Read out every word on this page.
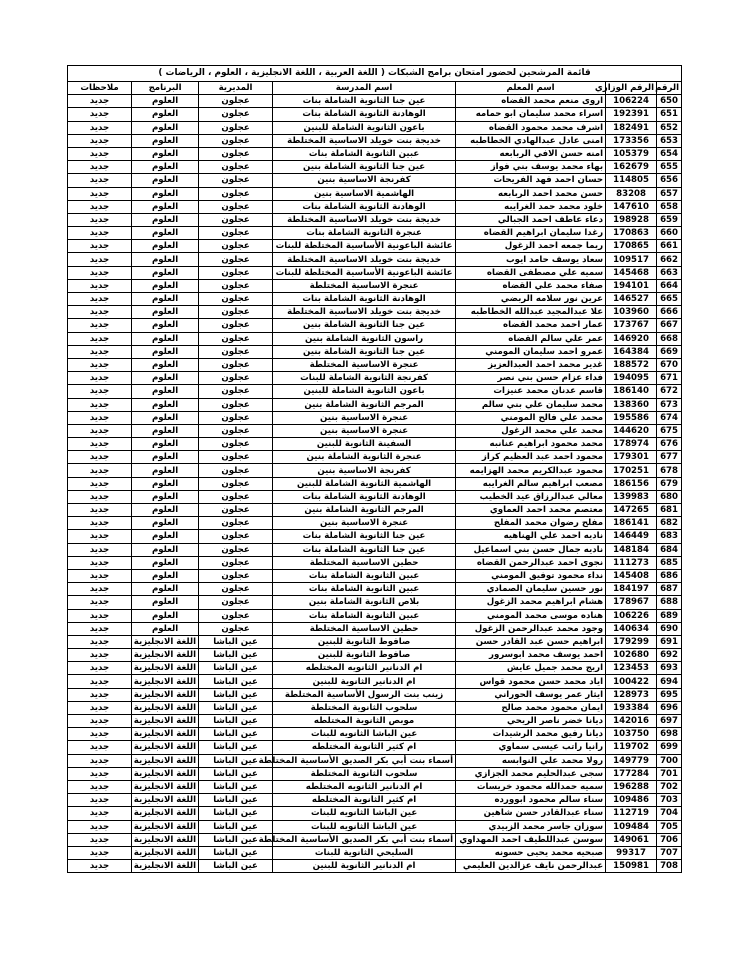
قائمة المرشحين لحضور امتحان برامج الشبكات ( اللغة العربية ، اللغة الانجليزية ، العلوم ، الرياضات )						
الرقم	الرقم الوزاري	اسم المعلم	اسم المدرسة	المديرية	البرنامج	ملاحظات
650	106224	اروى منعم محمد القضاه	عين جنا الثانوية الشاملة بنات	عجلون	العلوم	جديد
651	192391	اسراء محمد سليمان ابو حمامه	الوهادنة الثانوية الشاملة بنات	عجلون	العلوم	جديد
652	182491	اشرف محمد محمود القضاه	باعون الثانوية الشاملة للبنين	عجلون	العلوم	جديد
653	173356	امنى عادل عبدالهادي الخطاطبه	خديجة بنت خويلد الاساسية المختلطة	عجلون	العلوم	جديد
654	105379	امنه حسن الافي الربابعه	عبين الثانوية الشاملة بنات	عجلون	العلوم	جديد
655	162679	بهاء محمد يوسف بني فواز	عين جنا الثانوية الشاملة بنين	عجلون	العلوم	جديد
656	114805	حسان احمد فهد الفريحات	كفرنجة الاساسية بنين	عجلون	العلوم	جديد
657	83208	حسن محمد احمد الربابعه	الهاشمية الاساسية بنين	عجلون	العلوم	جديد
658	147610	خلود محمد حمد الغرايبه	الوهادنة الثانوية الشاملة بنات	عجلون	العلوم	جديد
659	198928	دعاء عاطف احمد الجبالي	خديجة بنت خويلد الاساسية المختلطة	عجلون	العلوم	جديد
660	170863	رغدا سليمان ابراهيم القضاه	عنجرة الثانوية الشاملة بنات	عجلون	العلوم	جديد
661	170865	ريما جمعه احمد الزغول	عائشة الباعونية الأساسية المختلطة للبنات	عجلون	العلوم	جديد
662	109517	سعاد يوسف حامد ايوب	خديجة بنت خويلد الاساسية المختلطة	عجلون	العلوم	جديد
663	145468	سميه علي مصطفى القضاه	عائشة الباعونية الأساسية المختلطة للبنات	عجلون	العلوم	جديد
664	194101	صفاء محمد علي القضاه	عنجرة الاساسية المختلطة	عجلون	العلوم	جديد
665	146527	عرين نور سلامه الربضي	الوهادنة الثانوية الشاملة بنات	عجلون	العلوم	جديد
666	103960	علا عبدالمجيد عبدالله الخطاطبه	خديجة بنت خويلد الاساسية المختلطة	عجلون	العلوم	جديد
667	173767	عمار احمد محمد القضاه	عين جنا الثانوية الشاملة بنين	عجلون	العلوم	جديد
668	146920	عمر علي سالم القضاه	راسون الثانوية الشاملة بنين	عجلون	العلوم	جديد
669	164384	عمرو احمد سليمان المومني	عين جنا الثانوية الشاملة بنين	عجلون	العلوم	جديد
670	188572	غدير محمد احمد العبدالعزيز	عنجرة الاساسية المختلطة	عجلون	العلوم	جديد
671	194095	فداء عزام حسن بني نصر	كفرنجة الثانوية الشاملة للبنات	عجلون	العلوم	جديد
672	186140	قاسم عدنان محمد عنيزات	باعون الثانوية الشاملة للبنين	عجلون	العلوم	جديد
673	138360	محمد سليمان علي بني سالم	المرجم الثانوية الشاملة بنين	عجلون	العلوم	جديد
674	195586	محمد علي فالح المومني	عنجرة الاساسية بنين	عجلون	العلوم	جديد
675	144620	محمد علي محمد الزغول	عنجرة الاساسية بنين	عجلون	العلوم	جديد
676	178974	محمد محمود ابراهيم عنانبه	السفينة الثانوية للبنين	عجلون	العلوم	جديد
677	179301	محمود احمد عبد العظيم كراز	عنجرة الثانوية الشاملة بنين	عجلون	العلوم	جديد
678	170251	محمود عبدالكريم محمد الهزايمه	كفرنجة الاساسية بنين	عجلون	العلوم	جديد
679	186156	مصعب ابراهيم سالم الغرايبه	الهاشمية الثانوية الشاملة للبنين	عجلون	العلوم	جديد
680	139983	معالي عبدالرزاق عيد الخطيب	الوهادنة الثانوية الشاملة بنات	عجلون	العلوم	جديد
681	147265	معتصم محمد احمد العماوي	المرجم الثانوية الشاملة بنين	عجلون	العلوم	جديد
682	186141	مفلح رضوان محمد المفلح	عنجرة الاساسية بنين	عجلون	العلوم	جديد
683	146449	ناديه احمد علي الهناهيه	عين جنا الثانوية الشاملة بنات	عجلون	العلوم	جديد
684	148184	ناديه جمال حسن بني اسماعيل	عين جنا الثانوية الشاملة بنات	عجلون	العلوم	جديد
685	111273	نجوى احمد عبدالرحمن القضاه	حطين الاساسية المختلطة	عجلون	العلوم	جديد
686	145408	نداء محمود توفيق المومني	عبين الثانوية الشاملة بنات	عجلون	العلوم	جديد
687	184197	نور حسين سليمان الصمادي	عبين الثانوية الشاملة بنات	عجلون	العلوم	جديد
688	178967	هشام ابراهيم محمد الزغول	بلاص الثانوية الشاملة بنين	عجلون	العلوم	جديد
689	106226	هناده موسى محمد المومني	عبين الثانوية الشاملة بنات	عجلون	العلوم	جديد
690	140634	وجود محمد عبدالرحمن الزغول	حطين الاساسية المختلطة	عجلون	العلوم	جديد
691	179299	ابراهيم حسن عبد القادر حسن	صافوط الثانوية للبنين	عين الباشا	اللغة الانجليزية	جديد
692	102680	احمد يوسف محمد ابوسرور	صافوط الثانوية للبنين	عين الباشا	اللغة الانجليزية	جديد
693	123453	اريج محمد جميل عايش	ام الدنانير الثانويه المختلطه	عين الباشا	اللغة الانجليزية	جديد
694	100422	اياد محمد حسن محمود قواس	ام الدنانير الثانوية للبنين	عين الباشا	اللغة الانجليزية	جديد
695	128973	ايثار عمر يوسف الحوراني	زينب بنت الرسول الأساسية المختلطة	عين الباشا	اللغة الانجليزية	جديد
696	193384	ايمان محمود محمد صالح	سلحوب الثانوية المختلطة	عين الباشا	اللغة الانجليزية	جديد
697	142016	ديانا خضر ناصر الريحي	موبص الثانوية المختلطه	عين الباشا	اللغة الانجليزية	جديد
698	103750	ديانا رفيق محمد الرشيدات	عين الباشا الثانويه للبنات	عين الباشا	اللغة الانجليزية	جديد
699	119702	رانيا راتب عيسى سماوي	ام كثير الثانوية المختلطه	عين الباشا	اللغة الانجليزية	جديد
700	149779	رولا محمد علي النوابسه	أسماء بنت أبي بكر الصديق الأساسية المختلطة	عين الباشا	اللغة الانجليزية	جديد
701	177284	سجى عبدالحليم محمد الجزازي	سلحوب الثانوية المختلطة	عين الباشا	اللغة الانجليزية	جديد
702	196288	سميه حمدالله محمود خريسات	ام الدنانير الثانويه المختلطه	عين الباشا	اللغة الانجليزية	جديد
703	109486	سناء سالم محمود ابوورده	ام كثير الثانوية المختلطه	عين الباشا	اللغة الانجليزية	جديد
704	112719	سناء عبدالقادر حسن شاهين	عين الباشا الثانويه للبنات	عين الباشا	اللغة الانجليزية	جديد
705	109484	سوزان جاسر محمد الزبيدي	عين الباشا الثانويه للبنات	عين الباشا	اللغة الانجليزية	جديد
706	149061	سوسن عبداللطيف احمد المهداوي	أسماء بنت أبي بكر الصديق الأساسية المختلطة	عين الباشا	اللغة الانجليزية	جديد
707	99317	صبحيه محمد يحيى حسونه	السليحي الثانوية للبنات	عين الباشا	اللغة الانجليزية	جديد
708	150981	عبدالرحمن نايف عزالدين العليمي	ام الدنانير الثانوية للبنين	عين الباشا	اللغة الانجليزية	جديد
